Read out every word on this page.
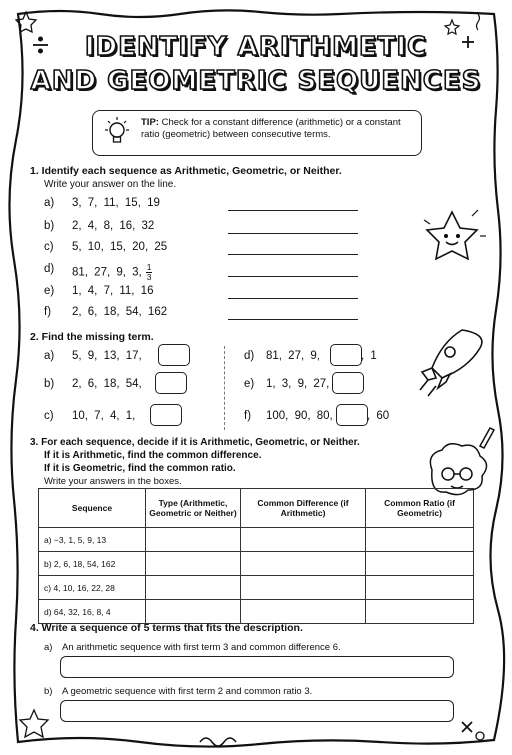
IDENTIFY ARITHMETIC
AND GEOMETRIC SEQUENCES
TIP: Check for a constant difference (arithmetic) or a constant ratio (geometric) between consecutive terms.
1. Identify each sequence as Arithmetic, Geometric, or Neither.
Write your answer on the line.
a) 3, 7, 11, 15, 19
b) 2, 4, 8, 16, 32
c) 5, 10, 15, 20, 25
d) 81, 27, 9, 3, $\frac{1}{3}$
e) 1, 4, 7, 11, 16
f) 2, 6, 18, 54, 162
2. Find the missing term.
a) 5, 9, 13, 17,
b) 2, 6, 18, 54,
c) 10, 7, 4, 1,
d) 81, 27, 9,	, 1
e) 1, 3, 9, 27,
f) 100, 90, 80,	, 60
3. For each sequence, decide if it is Arithmetic, Geometric, or Neither.
If it is Arithmetic, find the common difference.
If it is Geometric, find the common ratio.
Write your answers in the boxes.
Sequence	Type (Arithmetic, Geometric or Neither)	Common Difference (if Arithmetic)	Common Ratio (if Geometric)
a) −3, 1, 5, 9, 13			
b) 2, 6, 18, 54, 162			
c) 4, 10, 16, 22, 28			
d) 64, 32, 16, 8, 4			
4. Write a sequence of 5 terms that fits the description.
a) An arithmetic sequence with first term 3 and common difference 6.
b) A geometric sequence with first term 2 and common ratio 3.
